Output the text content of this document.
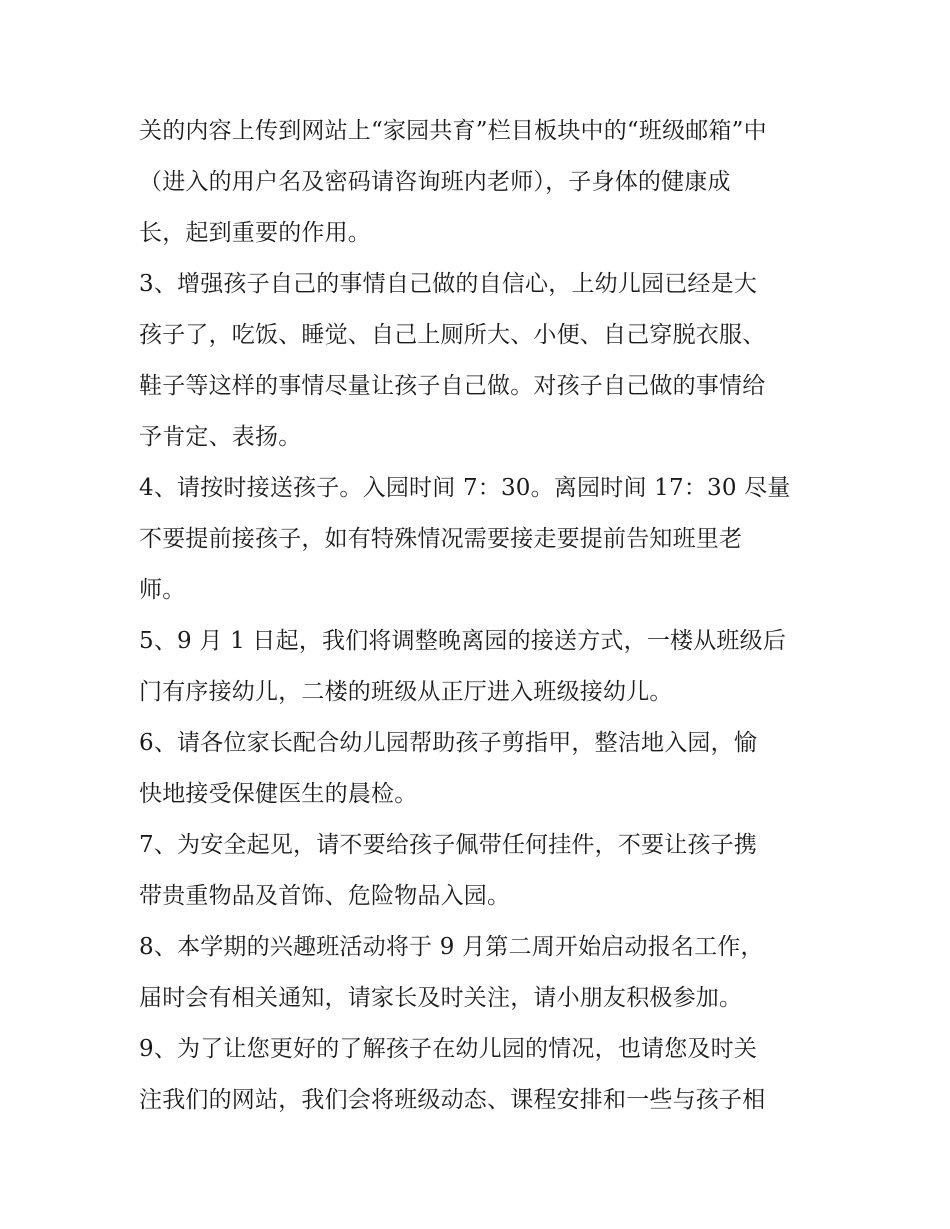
关的内容上传到网站上“家园共育”栏目板块中的“班级邮箱”中

（进入的用户名及密码请咨询班内老师），子身体的健康成

长，起到重要的作用。

3、增强孩子自己的事情自己做的自信心，上幼儿园已经是大

孩子了，吃饭、睡觉、自己上厕所大、小便、自己穿脱衣服、

鞋子等这样的事情尽量让孩子自己做。对孩子自己做的事情给

予肯定、表扬。

4、请按时接送孩子。入园时间 7：30。离园时间 17：30 尽量

不要提前接孩子，如有特殊情况需要接走要提前告知班里老

师。

5、9 月 1 日起，我们将调整晚离园的接送方式，一楼从班级后

门有序接幼儿，二楼的班级从正厅进入班级接幼儿。

6、请各位家长配合幼儿园帮助孩子剪指甲，整洁地入园，愉

快地接受保健医生的晨检。

7、为安全起见，请不要给孩子佩带任何挂件，不要让孩子携

带贵重物品及首饰、危险物品入园。

8、本学期的兴趣班活动将于 9 月第二周开始启动报名工作，

届时会有相关通知，请家长及时关注，请小朋友积极参加。

9、为了让您更好的了解孩子在幼儿园的情况，也请您及时关

注我们的网站，我们会将班级动态、课程安排和一些与孩子相
